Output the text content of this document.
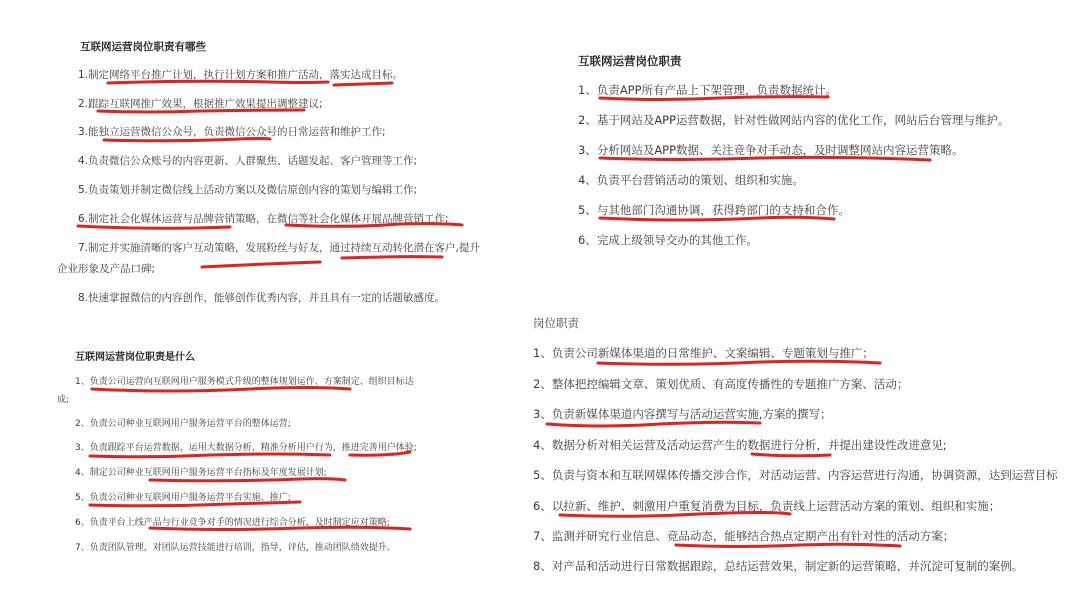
互联网运营岗位职责有哪些
1.制定网络平台推广计划，执行计划方案和推广活动，落实达成目标。
2.跟踪互联网推广效果，根据推广效果提出调整建议;
3.能独立运营微信公众号，负责微信公众号的日常运营和维护工作;
4.负责微信公众账号的内容更新、人群聚焦、话题发起、客户管理等工作;
5.负责策划并制定微信线上活动方案以及微信原创内容的策划与编辑工作;
6.制定社会化媒体运营与品牌营销策略，在微信等社会化媒体开展品牌营销工作;
7.制定并实施清晰的客户互动策略，发展粉丝与好友，通过持续互动转化潜在客户,提升
企业形象及产品口碑;
8.快速掌握微信的内容创作，能够创作优秀内容，并且具有一定的话题敏感度。
互联网运营岗位职责
1、负责APP所有产品上下架管理，负责数据统计。
2、基于网站及APP运营数据，针对性做网站内容的优化工作，网站后台管理与维护。
3、分析网站及APP数据、关注竞争对手动态，及时调整网站内容运营策略。
4、负责平台营销活动的策划、组织和实施。
5、与其他部门沟通协调，获得跨部门的支持和合作。
6、完成上级领导交办的其他工作。
互联网运营岗位职责是什么
1、负责公司运营向互联网用户服务模式升级的整体规划运作、方案制定、组织目标达
成;
2、负责公司种业互联网用户服务运营平台的整体运营;
3、负责跟踪平台运营数据，运用大数据分析，精准分析用户行为，推进完善用户体验;
4、制定公司种业互联网用户服务运营平台指标及年度发展计划;
5、负责公司种业互联网用户服务运营平台实施、推广;
6、负责平台上线产品与行业竞争对手的情况进行综合分析，及时制定应对策略;
7、负责团队管理，对团队运营技能进行培训，指导，评估，推动团队绩效提升。
岗位职责
1、负责公司新媒体渠道的日常维护、文案编辑、专题策划与推广；
2、整体把控编辑文章、策划优质、有高度传播性的专题推广方案、活动；
3、负责新媒体渠道内容撰写与活动运营实施,方案的撰写；
4、数据分析对相关运营及活动运营产生的数据进行分析，并提出建设性改进意见;
5、负责与资本和互联网媒体传播交涉合作，对活动运营、内容运营进行沟通，协调资源，达到运营目标
6、以拉新、维护、刺激用户重复消费为目标，负责线上运营活动方案的策划、组织和实施；
7、监测并研究行业信息、竞品动态，能够结合热点定期产出有针对性的活动方案；
8、对产品和活动进行日常数据跟踪，总结运营效果，制定新的运营策略，并沉淀可复制的案例。
